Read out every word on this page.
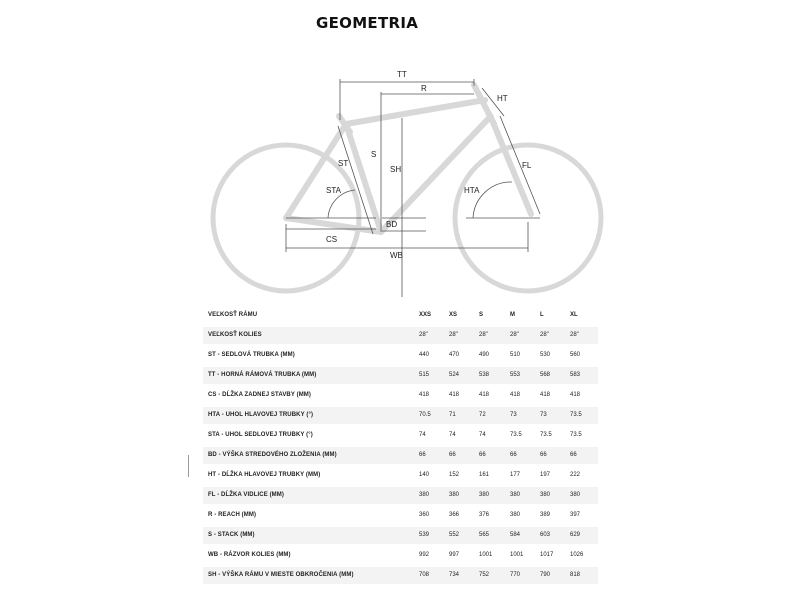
GEOMETRIA
TT
R
HT
S
ST
SH	FL
STA	HTA
BD
CS
WB
VEĽKOSŤ RÁMU	XXS	XS	S	M	L	XL
VEĽKOSŤ KOLIES	28"	28"	28"	28"	28"	28"
ST - SEDLOVÁ TRUBKA (MM)	440	470	490	510	530	560
TT - HORNÁ RÁMOVÁ TRUBKA (MM)	515	524	538	553	568	583
CS - DĹŽKA ZADNEJ STAVBY (MM)	418	418	418	418	418	418
HTA - UHOL HLAVOVEJ TRUBKY (°)	70.5	71	72	73	73	73.5
STA - UHOL SEDLOVEJ TRUBKY (°)	74	74	74	73.5	73.5	73.5
BD - VÝŠKA STREDOVÉHO ZLOŽENIA (MM)	66	66	66	66	66	66
HT - DĹŽKA HLAVOVEJ TRUBKY (MM)	140	152	161	177	197	222
FL - DĹŽKA VIDLICE (MM)	380	380	380	380	380	380
R - REACH (MM)	360	366	376	380	389	397
S - STACK (MM)	539	552	565	584	603	629
WB - RÁZVOR KOLIES (MM)	992	997	1001	1001	1017	1026
SH - VÝŠKA RÁMU V MIESTE OBKROČENIA (MM)	708	734	752	770	790	818
